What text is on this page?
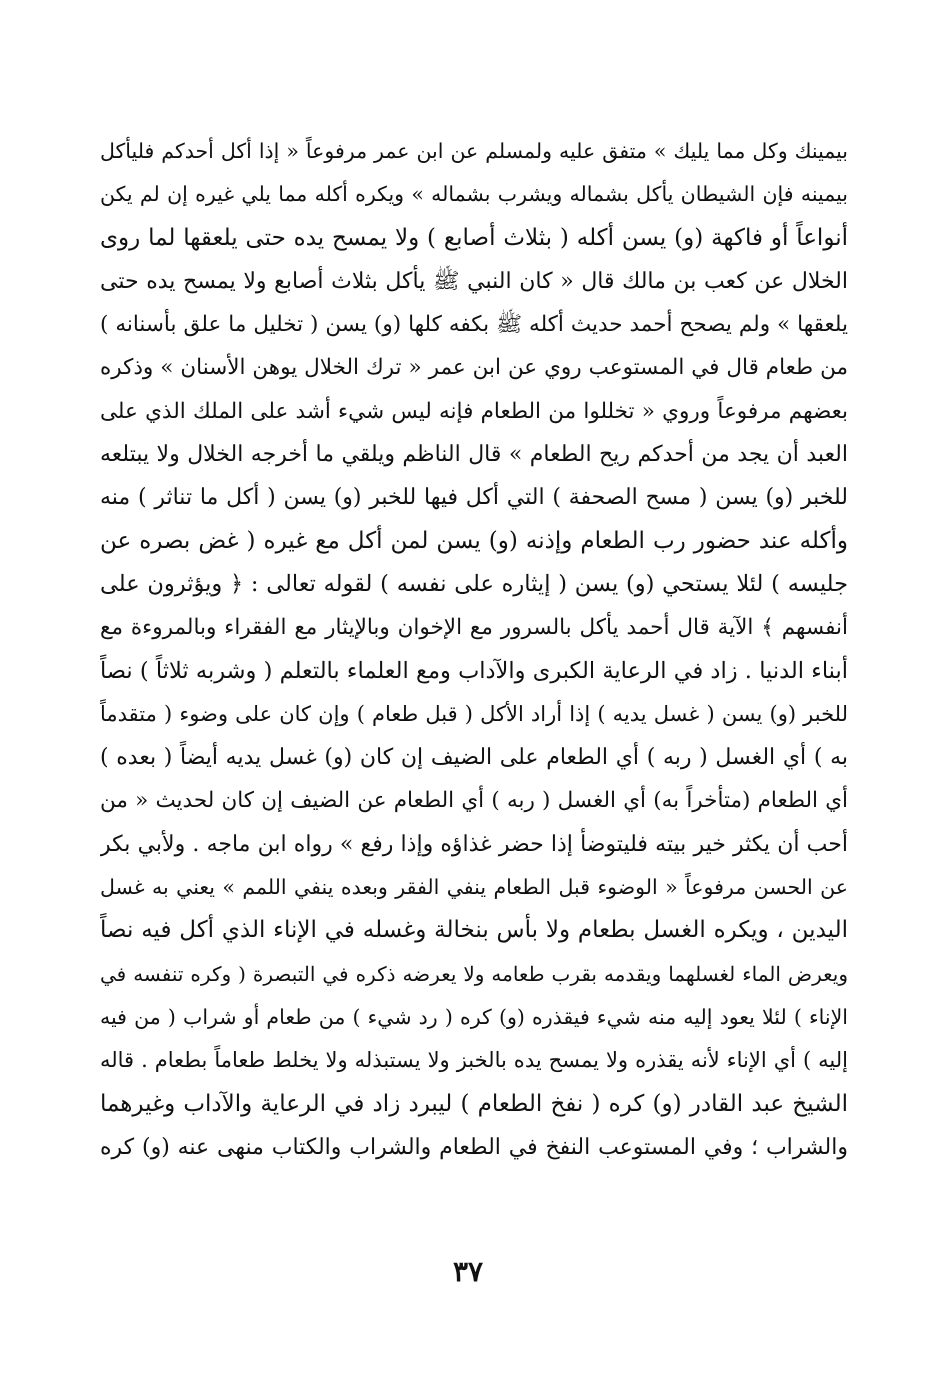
بيمينك وكل مما يليك » متفق عليه ولمسلم عن ابن عمر مرفوعاً « إذا أكل أحدكم فليأكل
بيمينه فإن الشيطان يأكل بشماله ويشرب بشماله » ويكره أكله مما يلي غيره إن لم يكن
أنواعاً أو فاكهة (و) يسن أكله ( بثلاث أصابع ) ولا يمسح يده حتى يلعقها لما روى
الخلال عن كعب بن مالك قال « كان النبي ﷺ يأكل بثلاث أصابع ولا يمسح يده حتى
يلعقها » ولم يصحح أحمد حديث أكله ﷺ بكفه كلها (و) يسن ( تخليل ما علق بأسنانه )
من طعام قال في المستوعب روي عن ابن عمر « ترك الخلال يوهن الأسنان » وذكره
بعضهم مرفوعاً وروي « تخللوا من الطعام فإنه ليس شيء أشد على الملك الذي على
العبد أن يجد من أحدكم ريح الطعام » قال الناظم ويلقي ما أخرجه الخلال ولا يبتلعه
للخبر (و) يسن ( مسح الصحفة ) التي أكل فيها للخبر (و) يسن ( أكل ما تناثر ) منه
وأكله عند حضور رب الطعام وإذنه (و) يسن لمن أكل مع غيره ( غض بصره عن
جليسه ) لئلا يستحي (و) يسن ( إيثاره على نفسه ) لقوله تعالى : ﴿ ويؤثرون على
أنفسهم ﴾ الآية قال أحمد يأكل بالسرور مع الإخوان وبالإيثار مع الفقراء وبالمروءة مع
أبناء الدنيا . زاد في الرعاية الكبرى والآداب ومع العلماء بالتعلم ( وشربه ثلاثاً ) نصاً
للخبر (و) يسن ( غسل يديه ) إذا أراد الأكل ( قبل طعام ) وإن كان على وضوء ( متقدماً
به ) أي الغسل ( ربه ) أي الطعام على الضيف إن كان (و) غسل يديه أيضاً ( بعده )
أي الطعام (متأخراً به) أي الغسل ( ربه ) أي الطعام عن الضيف إن كان لحديث « من
أحب أن يكثر خير بيته فليتوضأ إذا حضر غذاؤه وإذا رفع » رواه ابن ماجه . ولأبي بكر
عن الحسن مرفوعاً « الوضوء قبل الطعام ينفي الفقر وبعده ينفي اللمم » يعني به غسل
اليدين ، ويكره الغسل بطعام ولا بأس بنخالة وغسله في الإناء الذي أكل فيه نصاً
ويعرض الماء لغسلهما ويقدمه بقرب طعامه ولا يعرضه ذكره في التبصرة ( وكره تنفسه في
الإناء ) لئلا يعود إليه منه شيء فيقذره (و) كره ( رد شيء ) من طعام أو شراب ( من فيه
إليه ) أي الإناء لأنه يقذره ولا يمسح يده بالخبز ولا يستبذله ولا يخلط طعاماً بطعام . قاله
الشيخ عبد القادر (و) كره ( نفخ الطعام ) ليبرد زاد في الرعاية والآداب وغيرهما
والشراب ؛ وفي المستوعب النفخ في الطعام والشراب والكتاب منهى عنه (و) كره
٣٧
